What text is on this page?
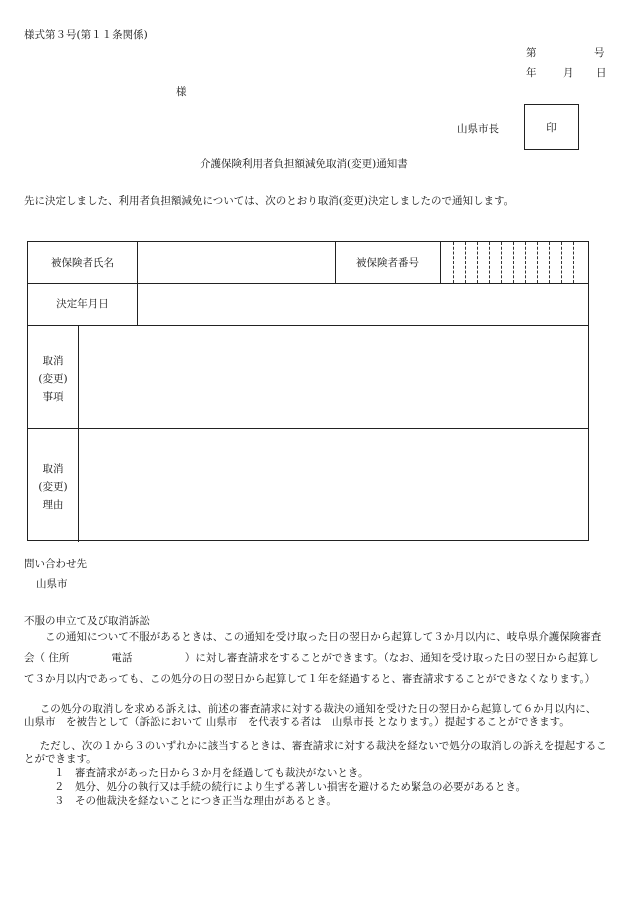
様式第３号(第１１条関係)
第	号
年	月 日
様
山県市長	印
介護保険利用者負担額減免取消(変更)通知書
先に決定しました、利用者負担額減免については、次のとおり取消(変更)決定しましたので通知します。
被保険者氏名	被保険者番号
決定年月日
取消
(変更)
事項
取消
(変更)
理由
問い合わせ先
山県市
不服の申立て及び取消訴訟
この通知について不服があるときは、この通知を受け取った日の翌日から起算して３か月以内に、岐阜県介護保険審査会（ 住所　　　　電話　　　　　）に対し審査請求をすることができます。（なお、通知を受け取った日の翌日から起算して３か月以内であっても、この処分の日の翌日から起算して１年を経過すると、審査請求することができなくなります。）
この処分の取消しを求める訴えは、前述の審査請求に対する裁決の通知を受けた日の翌日から起算して６か月以内に、　山県市　を被告として（訴訟において 山県市　を代表する者は　山県市長 となります。）提起することができます。
ただし、次の１から３のいずれかに該当するときは、審査請求に対する裁決を経ないで処分の取消しの訴えを提起することができます。
１　審査請求があった日から３か月を経過しても裁決がないとき。
２　処分、処分の執行又は手続の続行により生ずる著しい損害を避けるため緊急の必要があるとき。
３　その他裁決を経ないことにつき正当な理由があるとき。
